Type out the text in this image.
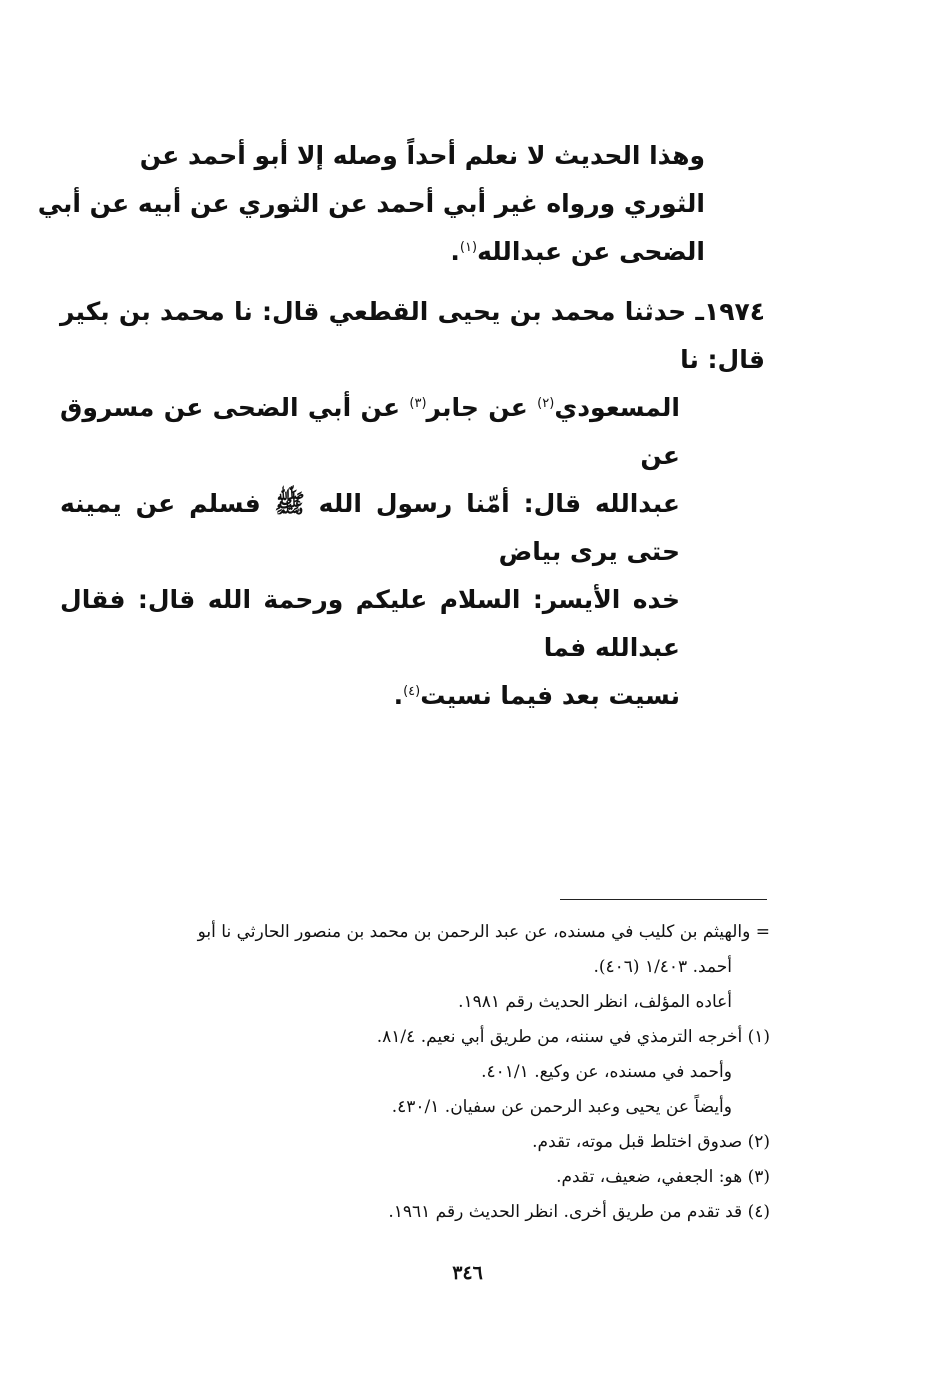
وهذا الحديث لا نعلم أحداً وصله إلا أبو أحمد عن
الثوري ورواه غير أبي أحمد عن الثوري عن أبيه عن أبي
الضحى عن عبدالله$^{(١)}$.
١٩٧٤ـ حدثنا محمد بن يحيى القطعي قال: نا محمد بن بكير قال: نا
المسعودي$^{(٢)}$ عن جابر$^{(٣)}$ عن أبي الضحى عن مسروق عن
عبدالله قال: أمّنا رسول الله ﷺ فسلم عن يمينه حتى يرى بياض
خده الأيسر: السلام عليكم ورحمة الله قال: فقال عبدالله فما
نسيت بعد فيما نسيت$^{(٤)}$.

= والهيثم بن كليب في مسنده، عن عبد الرحمن بن محمد بن منصور الحارثي نا أبو

أحمد. ١/٤٠٣ (٤٠٦).

أعاده المؤلف، انظر الحديث رقم ١٩٨١.

(١) أخرجه الترمذي في سننه، من طريق أبي نعيم. ٨١/٤.

وأحمد في مسنده، عن وكيع. ٤٠١/١.

وأيضاً عن يحيى وعبد الرحمن عن سفيان. ٤٣٠/١.

(٢) صدوق اختلط قبل موته، تقدم.

(٣) هو: الجعفي، ضعيف، تقدم.

(٤) قد تقدم من طريق أخرى. انظر الحديث رقم ١٩٦١.

٣٤٦
